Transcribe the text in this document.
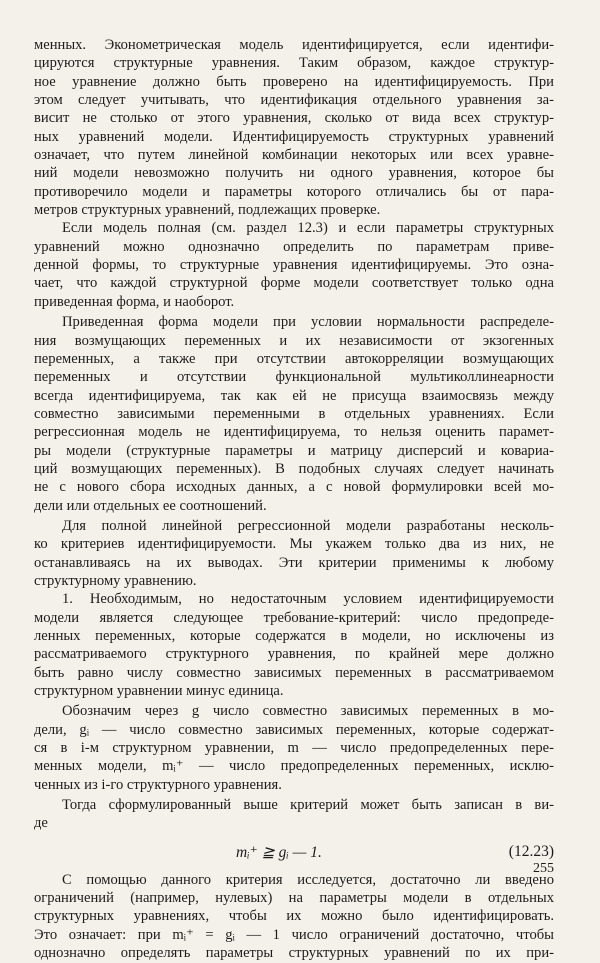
менных. Эконометрическая модель идентифицируется, если идентифи-
цируются структурные уравнения. Таким образом, каждое структур-
ное уравнение должно быть проверено на идентифицируемость. При
этом следует учитывать, что идентификация отдельного уравнения за-
висит не столько от этого уравнения, сколько от вида всех структур-
ных уравнений модели. Идентифицируемость структурных уравнений
означает, что путем линейной комбинации некоторых или всех уравне-
ний модели невозможно получить ни одного уравнения, которое бы
противоречило модели и параметры которого отличались бы от пара-
метров структурных уравнений, подлежащих проверке.
Если модель полная (см. раздел 12.3) и если параметры структурных
уравнений можно однозначно определить по параметрам приве-
денной формы, то структурные уравнения идентифицируемы. Это озна-
чает, что каждой структурной форме модели соответствует только одна
приведенная форма, и наоборот.
Приведенная форма модели при условии нормальности распределе-
ния возмущающих переменных и их независимости от экзогенных
переменных, а также при отсутствии автокорреляции возмущающих
переменных и отсутствии функциональной мультиколлинеарности
всегда идентифицируема, так как ей не присуща взаимосвязь между
совместно зависимыми переменными в отдельных уравнениях. Если
регрессионная модель не идентифицируема, то нельзя оценить парамет-
ры модели (структурные параметры и матрицу дисперсий и ковариа-
ций возмущающих переменных). В подобных случаях следует начинать
не с нового сбора исходных данных, а с новой формулировки всей мо-
дели или отдельных ее соотношений.
Для полной линейной регрессионной модели разработаны несколь-
ко критериев идентифицируемости. Мы укажем только два из них, не
останавливаясь на их выводах. Эти критерии применимы к любому
структурному уравнению.
1. Необходимым, но недостаточным условием идентифицируемости
модели является следующее требование-критерий: число предопреде-
ленных переменных, которые содержатся в модели, но исключены из
рассматриваемого структурного уравнения, по крайней мере должно
быть равно числу совместно зависимых переменных в рассматриваемом
структурном уравнении минус единица.
Обозначим через g число совместно зависимых переменных в мо-
дели, gᵢ — число совместно зависимых переменных, которые содержат-
ся в i-м структурном уравнении, m — число предопределенных пере-
менных модели, mᵢ⁺ — число предопределенных переменных, исклю-
ченных из i-го структурного уравнения.
Тогда сформулированный выше критерий может быть записан в ви-
де
mᵢ⁺ ≧ gᵢ — 1.	(12.23)
С помощью данного критерия исследуется, достаточно ли введено
ограничений (например, нулевых) на параметры модели в отдельных
структурных уравнениях, чтобы их можно было идентифицировать.
Это означает: при mᵢ⁺ = gᵢ — 1 число ограничений достаточно, чтобы
однозначно определять параметры структурных уравнений по их при-
255
